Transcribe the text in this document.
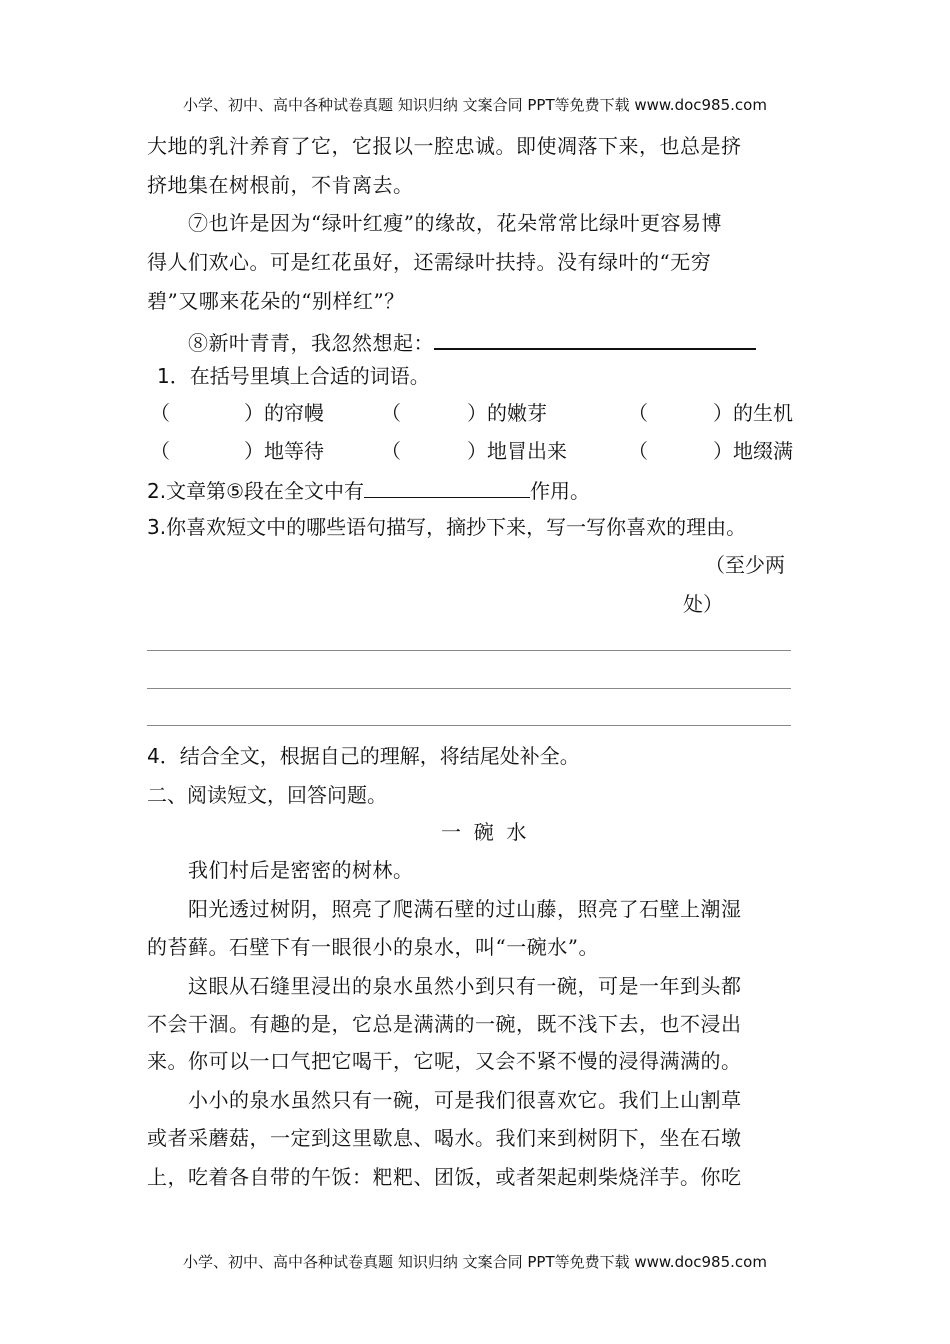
小学、初中、高中各种试卷真题 知识归纳 文案合同 PPT等免费下载 www.doc985.com
大地的乳汁养育了它，它报以一腔忠诚。即使凋落下来，也总是挤
挤地集在树根前，不肯离去。
⑦也许是因为“绿叶红瘦”的缘故，花朵常常比绿叶更容易博
得人们欢心。可是红花虽好，还需绿叶扶持。没有绿叶的“无穷
碧”又哪来花朵的“别样红”？
⑧新叶青青，我忽然想起：
1．在括号里填上合适的词语。
（	）的帘幔	（	）的嫩芽	（	）的生机
（	）地等待	（	）地冒出来	（	）地缀满
2.文章第⑤段在全文中有	作用。
3.你喜欢短文中的哪些语句描写，摘抄下来，写一写你喜欢的理由。
（至少两
处）
4．结合全文，根据自己的理解，将结尾处补全。
二、阅读短文，回答问题。
一  碗  水
我们村后是密密的树林。
阳光透过树阴，照亮了爬满石壁的过山藤，照亮了石壁上潮湿
的苔藓。石壁下有一眼很小的泉水，叫“一碗水”。
这眼从石缝里浸出的泉水虽然小到只有一碗，可是一年到头都
不会干涸。有趣的是，它总是满满的一碗，既不浅下去，也不浸出
来。你可以一口气把它喝干，它呢，又会不紧不慢的浸得满满的。
小小的泉水虽然只有一碗，可是我们很喜欢它。我们上山割草
或者采蘑菇，一定到这里歇息、喝水。我们来到树阴下，坐在石墩
上，吃着各自带的午饭：粑粑、团饭，或者架起刺柴烧洋芋。你吃
小学、初中、高中各种试卷真题 知识归纳 文案合同 PPT等免费下载 www.doc985.com
